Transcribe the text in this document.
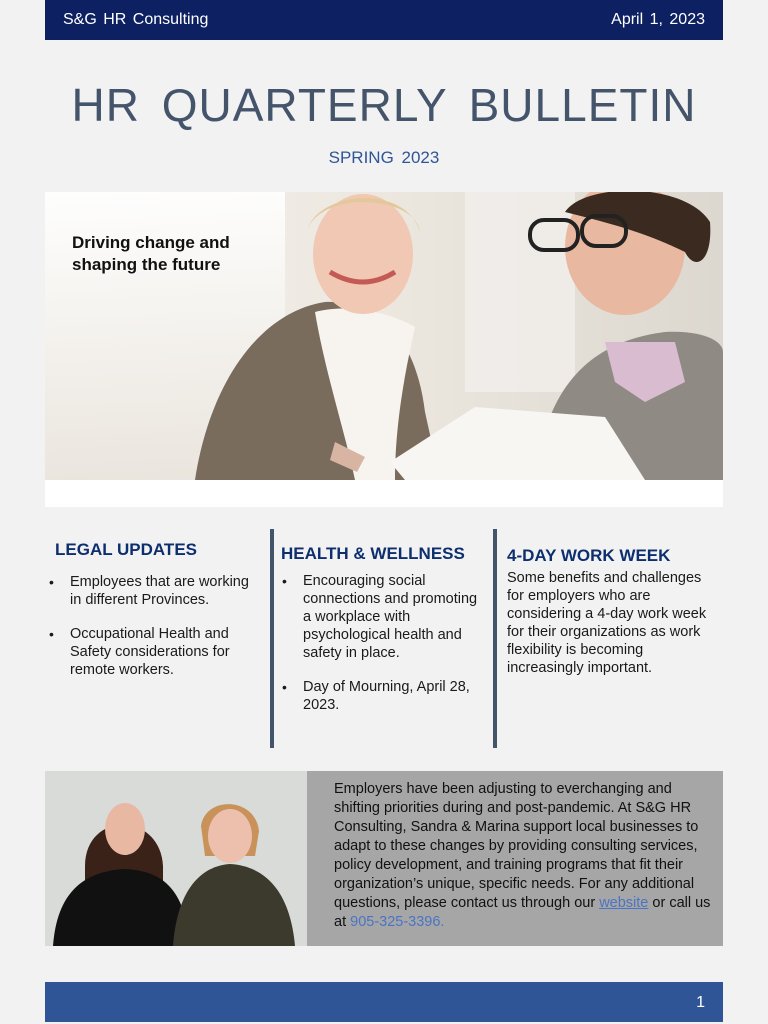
S&G HR Consulting	April 1, 2023
HR QUARTERLY BULLETIN
SPRING 2023
Driving change and
shaping the future
LEGAL UPDATES
• Employees that are working in different Provinces.
• Occupational Health and Safety considerations for remote workers.
HEALTH & WELLNESS
• Encouraging social connections and promoting a workplace with psychological health and safety in place.
• Day of Mourning, April 28, 2023.
4-DAY WORK WEEK
Some benefits and challenges for employers who are considering a 4-day work week for their organizations as work flexibility is becoming increasingly important.
Employers have been adjusting to everchanging and shifting priorities during and post-pandemic. At S&G HR Consulting, Sandra & Marina support local businesses to adapt to these changes by providing consulting services, policy development, and training programs that fit their organization’s unique, specific needs. For any additional questions, please contact us through our website or call us at 905-325-3396.
1
